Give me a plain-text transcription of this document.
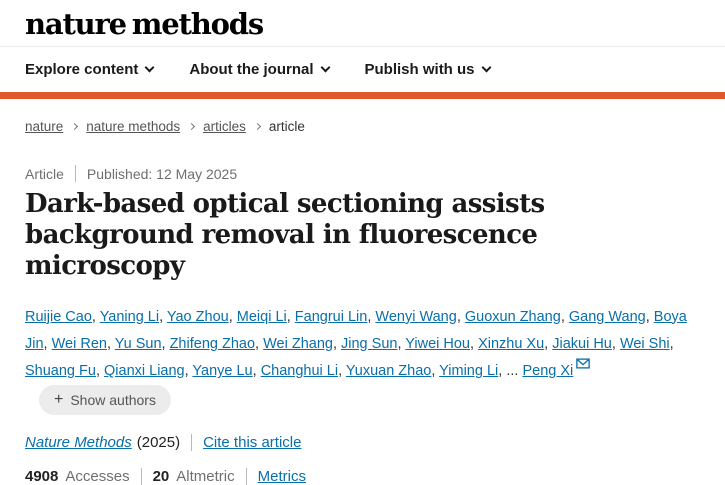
nature methods
Explore content	About the journal	Publish with us
nature nature methods articles article
Article Published: 12 May 2025
Dark-based optical sectioning assists background removal in fluorescence microscopy

Ruijie Cao, Yaning Li, Yao Zhou, Meiqi Li, Fangrui Lin, Wenyi Wang, Guoxun Zhang, Gang Wang, Boya Jin, Wei Ren, Yu Sun, Zhifeng Zhao, Wei Zhang, Jing Sun, Yiwei Hou, Xinzhu Xu, Jiakui Hu, Wei Shi, Shuang Fu, Qianxi Liang, Yanye Lu, Changhui Li, Yuxuan Zhao, Yiming Li, ... Peng Xi
+ Show authors

Nature Methods (2025) Cite this article
4908 Accesses 20 Altmetric Metrics
